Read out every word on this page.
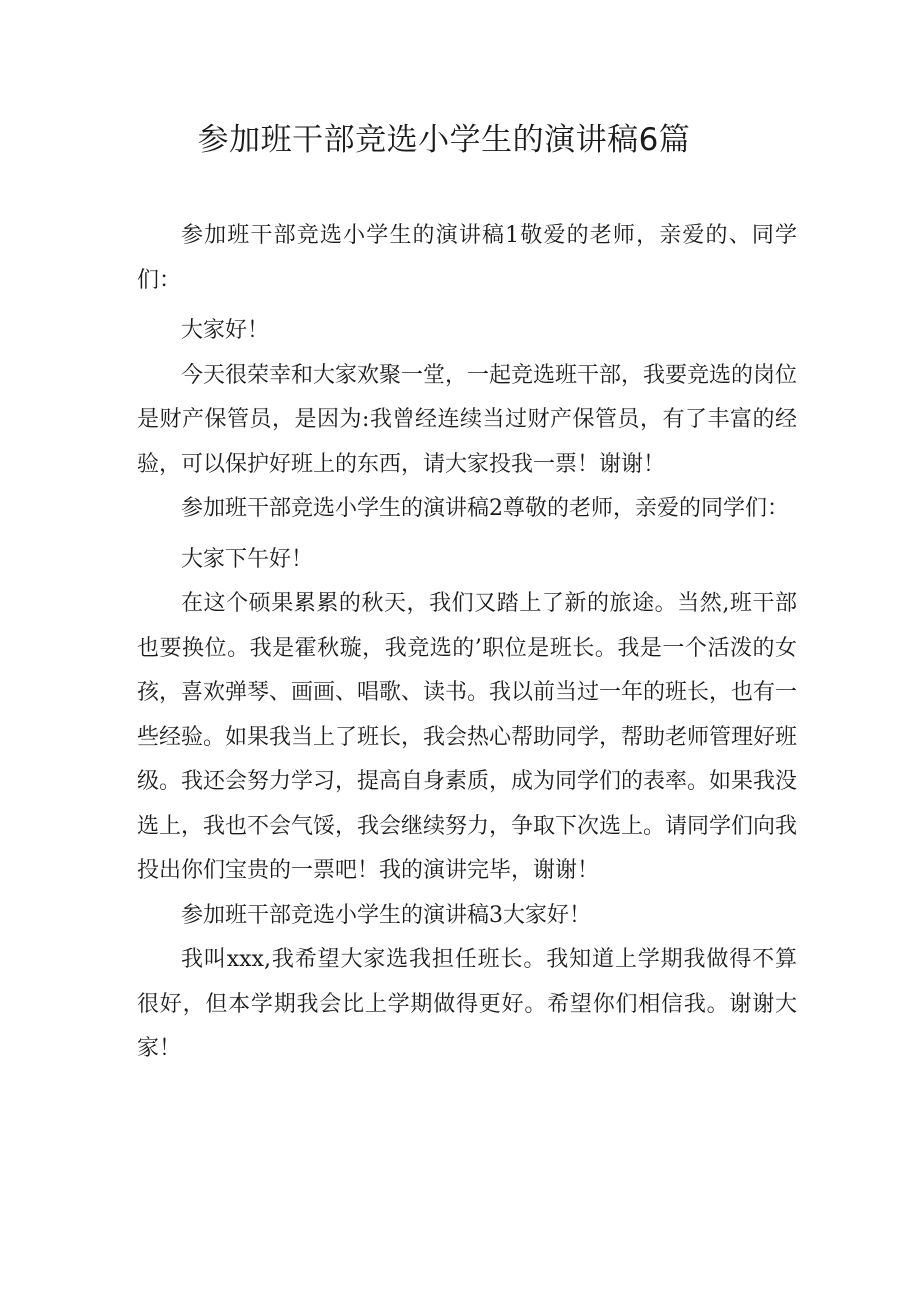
参加班干部竞选小学生的演讲稿6篇

参加班干部竞选小学生的演讲稿1敬爱的老师，亲爱的、同学们：

大家好！

今天很荣幸和大家欢聚一堂，一起竞选班干部，我要竞选的岗位是财产保管员，是因为:我曾经连续当过财产保管员，有了丰富的经验，可以保护好班上的东西，请大家投我一票！谢谢！

参加班干部竞选小学生的演讲稿2尊敬的老师，亲爱的同学们：

大家下午好！

在这个硕果累累的秋天，我们又踏上了新的旅途。当然,班干部也要换位。我是霍秋璇，我竞选的’职位是班长。我是一个活泼的女孩，喜欢弹琴、画画、唱歌、读书。我以前当过一年的班长，也有一些经验。如果我当上了班长，我会热心帮助同学，帮助老师管理好班级。我还会努力学习，提高自身素质，成为同学们的表率。如果我没选上，我也不会气馁，我会继续努力，争取下次选上。请同学们向我投出你们宝贵的一票吧！我的演讲完毕，谢谢！

参加班干部竞选小学生的演讲稿3大家好！

我叫xxx,我希望大家选我担任班长。我知道上学期我做得不算很好，但本学期我会比上学期做得更好。希望你们相信我。谢谢大家！
